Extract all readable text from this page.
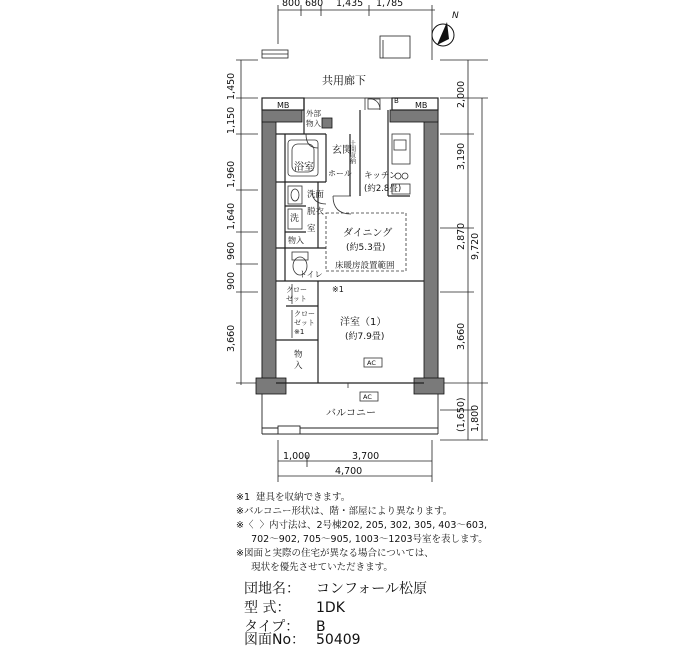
800 680 1,435 1,785
1,450
1,150
1,960
1,640
960
900
3,660
2,000
3,190
2,870 9,720
3,660
(1,650) 1,800
1,000	3,700
4,700
N
共用廊下
MB	MB
B
外部
物入
浴室
玄関
土間収納
ホール キッチン
(約2.8畳)
洗面
脱衣
室
洗
物入
トイレ
ダイニング
(約5.3畳)
床暖房設置範囲
※1
クロー
ゼット
クロー
ゼット
※1
洋室（1）
(約7.9畳)
物
入	AC
AC
バルコニー
※1  建具を収納できます。
※バルコニー形状は、階・部屋により異なります。
※〈  〉内寸法は、2号棟202, 205, 302, 305, 403〜603,
702〜902, 705〜905, 1003〜1203号室を表します。
※図面と実際の住宅が異なる場合については、
現状を優先させていただきます。
団地名： コンフォール松原
型 式： 1DK
タイプ： B
図面No： 50409
